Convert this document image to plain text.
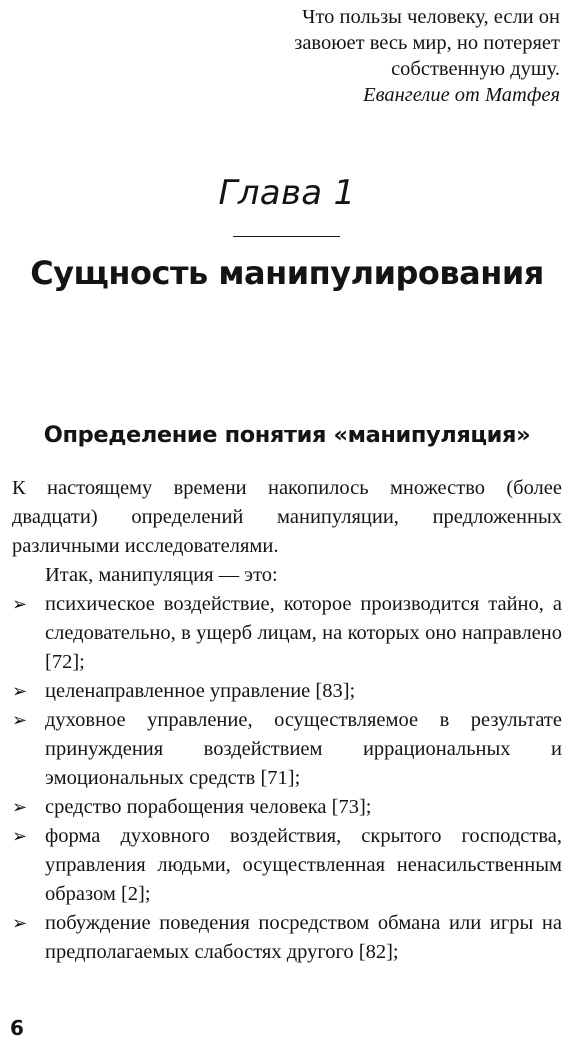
Что пользы человеку, если он завоюет весь мир, но потеряет собственную душу.
Евангелие от Матфея
Глава 1
Сущность манипулирования
Определение понятия «манипуляция»

К настоящему времени накопилось множество (более двадцати) определений манипуляции, предложенных различными исследователями.

Итак, манипуляция — это:

➢ психическое воздействие, которое производится тайно, а следовательно, в ущерб лицам, на которых оно направлено [72];
➢ целенаправленное управление [83];
➢ духовное управление, осуществляемое в результате принуждения воздействием иррациональных и эмоциональных средств [71];
➢ средство порабощения человека [73];
➢ форма духовного воздействия, скрытого господства, управления людьми, осуществленная ненасильственным образом [2];
➢ побуждение поведения посредством обмана или игры на предполагаемых слабостях другого [82];
6
